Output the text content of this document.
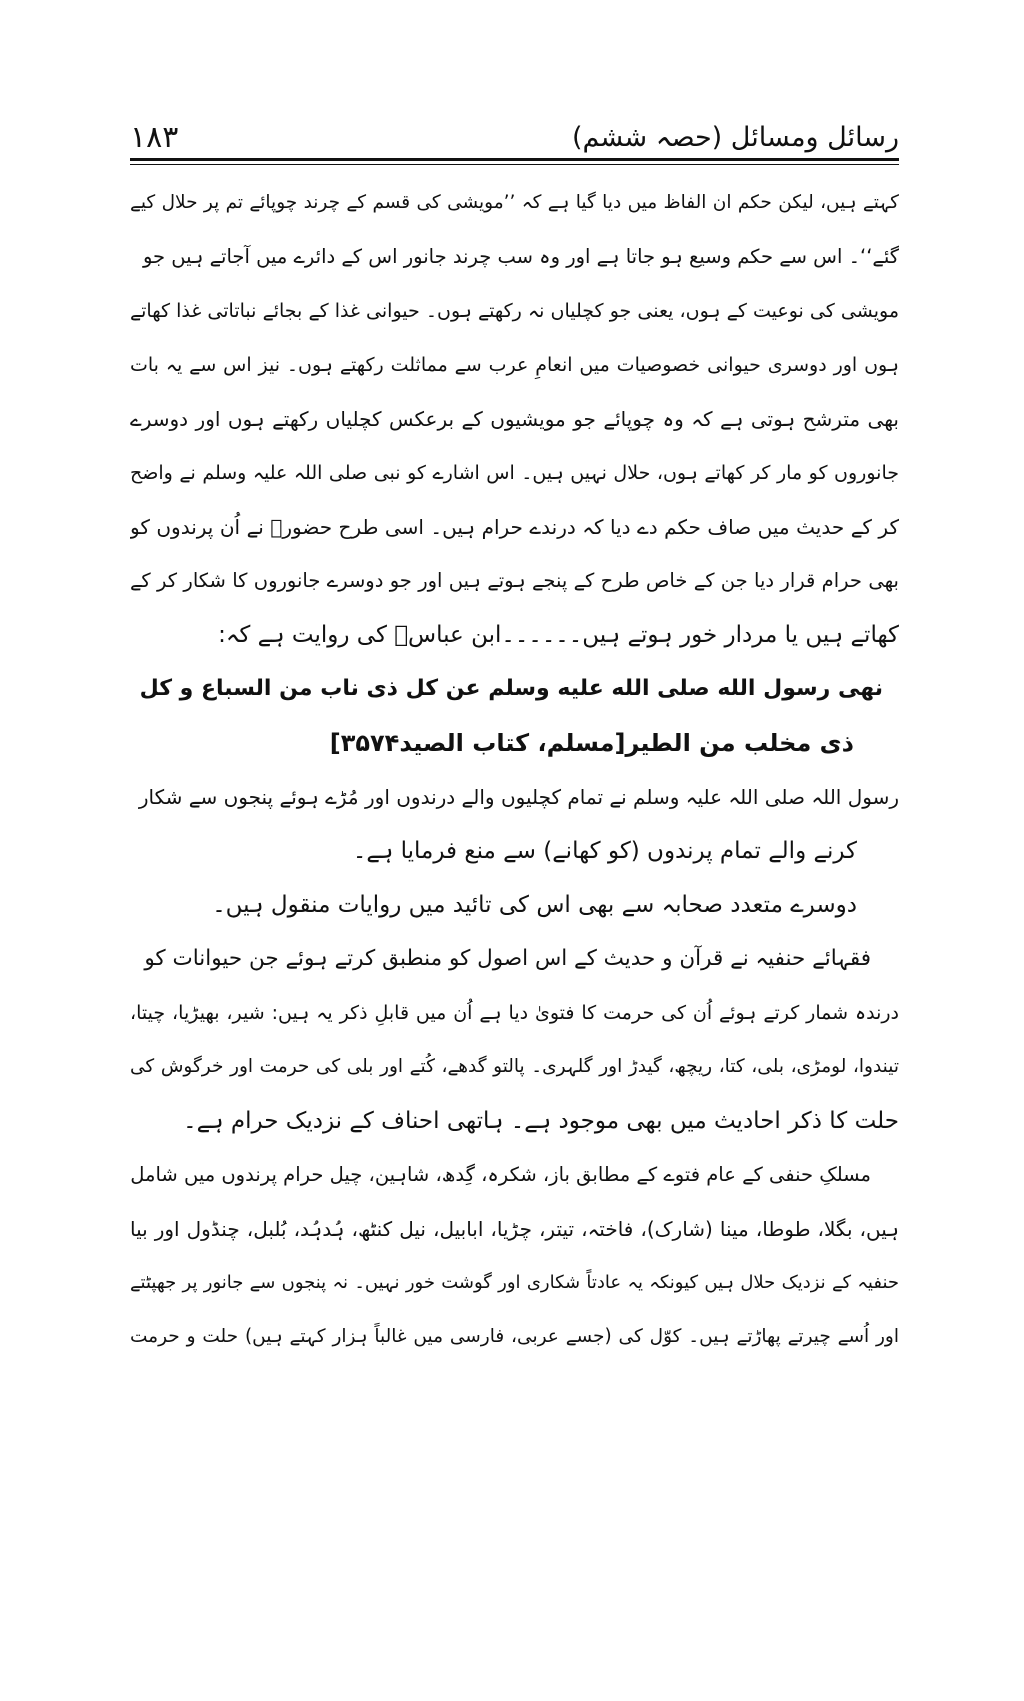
رسائل ومسائل (حصہ ششم)
۱۸۳
کہتے ہیں، لیکن حکم ان الفاظ میں دیا گیا ہے کہ ’’مویشی کی قسم کے چرند چوپائے تم پر حلال کیے
گئے‘‘۔ اس سے حکم وسیع ہو جاتا ہے اور وہ سب چرند جانور اس کے دائرے میں آجاتے ہیں جو
مویشی کی نوعیت کے ہوں، یعنی جو کچلیاں نہ رکھتے ہوں۔ حیوانی غذا کے بجائے نباتاتی غذا کھاتے
ہوں اور دوسری حیوانی خصوصیات میں انعامِ عرب سے مماثلت رکھتے ہوں۔ نیز اس سے یہ بات
بھی مترشح ہوتی ہے کہ وہ چوپائے جو مویشیوں کے برعکس کچلیاں رکھتے ہوں اور دوسرے
جانوروں کو مار کر کھاتے ہوں، حلال نہیں ہیں۔ اس اشارے کو نبی صلی اللہ علیہ وسلم نے واضح
کر کے حدیث میں صاف حکم دے دیا کہ درندے حرام ہیں۔ اسی طرح حضورؐ نے اُن پرندوں کو
بھی حرام قرار دیا جن کے خاص طرح کے پنجے ہوتے ہیں اور جو دوسرے جانوروں کا شکار کر کے
کھاتے ہیں یا مردار خور ہوتے ہیں۔۔۔۔۔۔ابن عباسؓ کی روایت ہے کہ:
نهى رسول الله صلى الله عليه وسلم عن كل ذى ناب من السباع و كل
ذى مخلب من الطير[مسلم، كتاب الصيد۳۵۷۴]
رسول اللہ صلی اللہ علیہ وسلم نے تمام کچلیوں والے درندوں اور مُڑے ہوئے پنجوں سے شکار
کرنے والے تمام پرندوں (کو کھانے) سے منع فرمایا ہے۔
دوسرے متعدد صحابہ سے بھی اس کی تائید میں روایات منقول ہیں۔
فقہائے حنفیہ نے قرآن و حدیث کے اس اصول کو منطبق کرتے ہوئے جن حیوانات کو
درندہ شمار کرتے ہوئے اُن کی حرمت کا فتویٰ دیا ہے اُن میں قابلِ ذکر یہ ہیں: شیر، بھیڑیا، چیتا،
تیندوا، لومڑی، بلی، کتا، ریچھ، گیدڑ اور گلہری۔ پالتو گدھے، کُتے اور بلی کی حرمت اور خرگوش کی
حلت کا ذکر احادیث میں بھی موجود ہے۔ ہاتھی احناف کے نزدیک حرام ہے۔
مسلکِ حنفی کے عام فتوے کے مطابق باز، شکرہ، گِدھ، شاہین، چیل حرام پرندوں میں شامل
ہیں، بگلا، طوطا، مینا (شارک)، فاختہ، تیتر، چڑیا، ابابیل، نیل کنٹھ، ہُدہُد، بُلبل، چنڈول اور بیا
حنفیہ کے نزدیک حلال ہیں کیونکہ یہ عادتاً شکاری اور گوشت خور نہیں۔ نہ پنجوں سے جانور پر جھپٹتے
اور اُسے چیرتے پھاڑتے ہیں۔ کوّل کی (جسے عربی، فارسی میں غالباً ہزار کہتے ہیں) حلت و حرمت
